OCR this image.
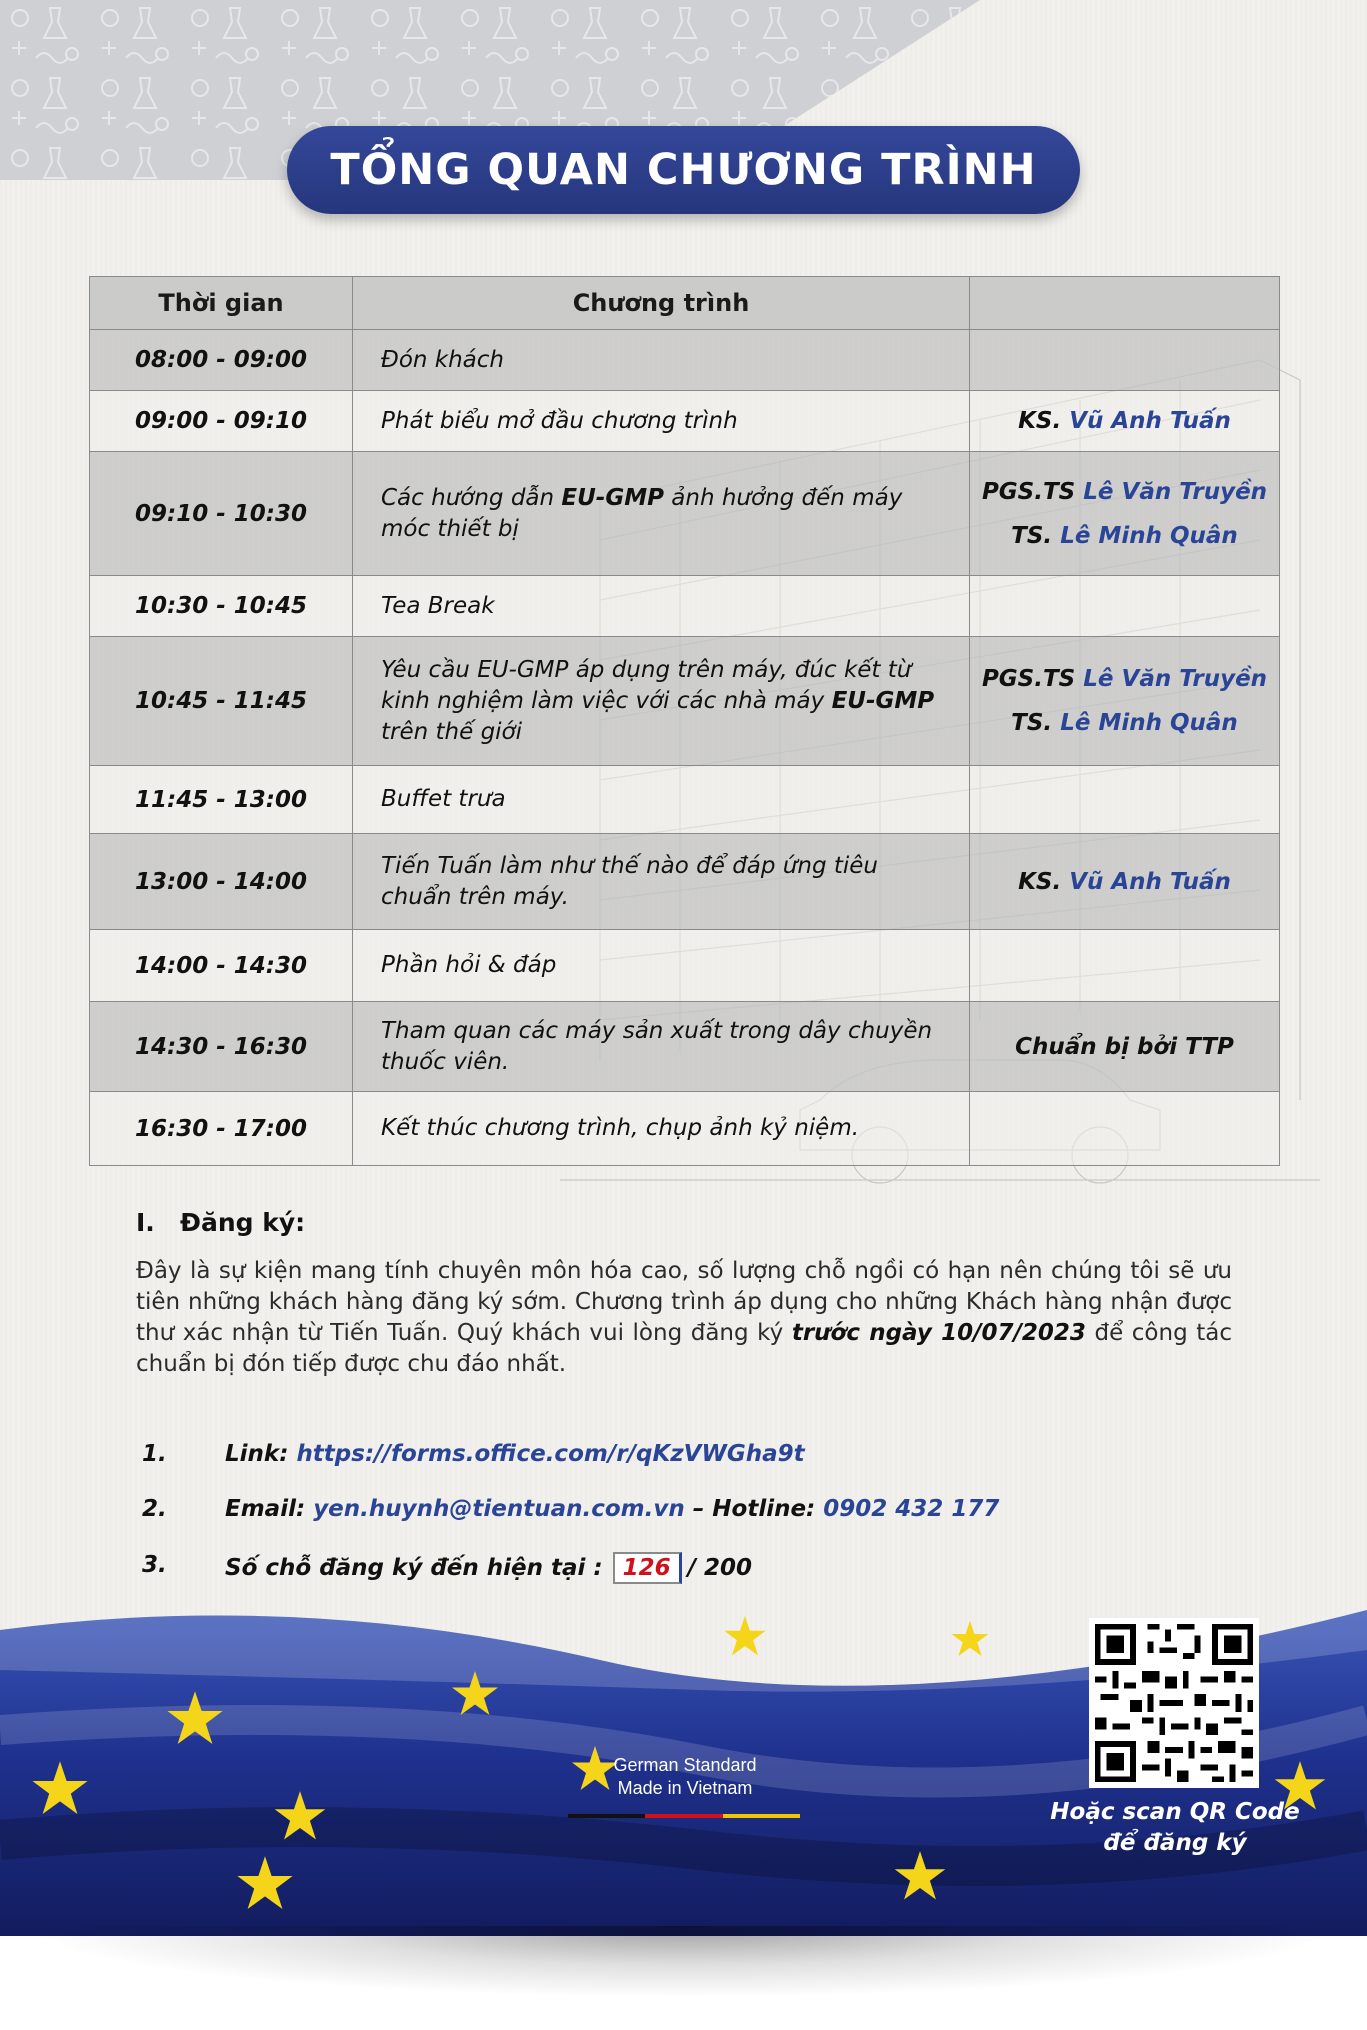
TỔNG QUAN CHƯƠNG TRÌNH
Thời gian	Chương trình	
08:00 - 09:00	Đón khách	
09:00 - 09:10	Phát biểu mở đầu chương trình	KS. Vũ Anh Tuấn
09:10 - 10:30	Các hướng dẫn EU-GMP ảnh hưởng đến máy móc thiết bị	PGS.TS Lê Văn Truyền
TS. Lê Minh Quân

10:30 - 10:45	Tea Break	
10:45 - 11:45	Yêu cầu EU-GMP áp dụng trên máy, đúc kết từ kinh nghiệm làm việc với các nhà máy EU-GMP trên thế giới	PGS.TS Lê Văn Truyền
TS. Lê Minh Quân

11:45 - 13:00	Buffet trưa	
13:00 - 14:00	Tiến Tuấn làm như thế nào để đáp ứng tiêu chuẩn trên máy.	KS. Vũ Anh Tuấn
14:00 - 14:30	Phần hỏi & đáp	
14:30 - 16:30	Tham quan các máy sản xuất trong dây chuyền thuốc viên.	Chuẩn bị bởi TTP
16:30 - 17:00	Kết thúc chương trình, chụp ảnh kỷ niệm.	
I. Đăng ký:
Đây là sự kiện mang tính chuyên môn hóa cao, số lượng chỗ ngồi có hạn nên chúng tôi sẽ ưu tiên những khách hàng đăng ký sớm. Chương trình áp dụng cho những Khách hàng nhận được thư xác nhận từ Tiến Tuấn. Quý khách vui lòng đăng ký trước ngày 10/07/2023 để công tác chuẩn bị đón tiếp được chu đáo nhất.
1.	Link: https://forms.office.com/r/qKzVWGha9t
2.	Email: yen.huynh@tientuan.com.vn – Hotline: 0902 432 177
3.	Số chỗ đăng ký đến hiện tại : 126 / 200
German Standard
Made in Vietnam
Hoặc scan QR Code
để đăng ký
